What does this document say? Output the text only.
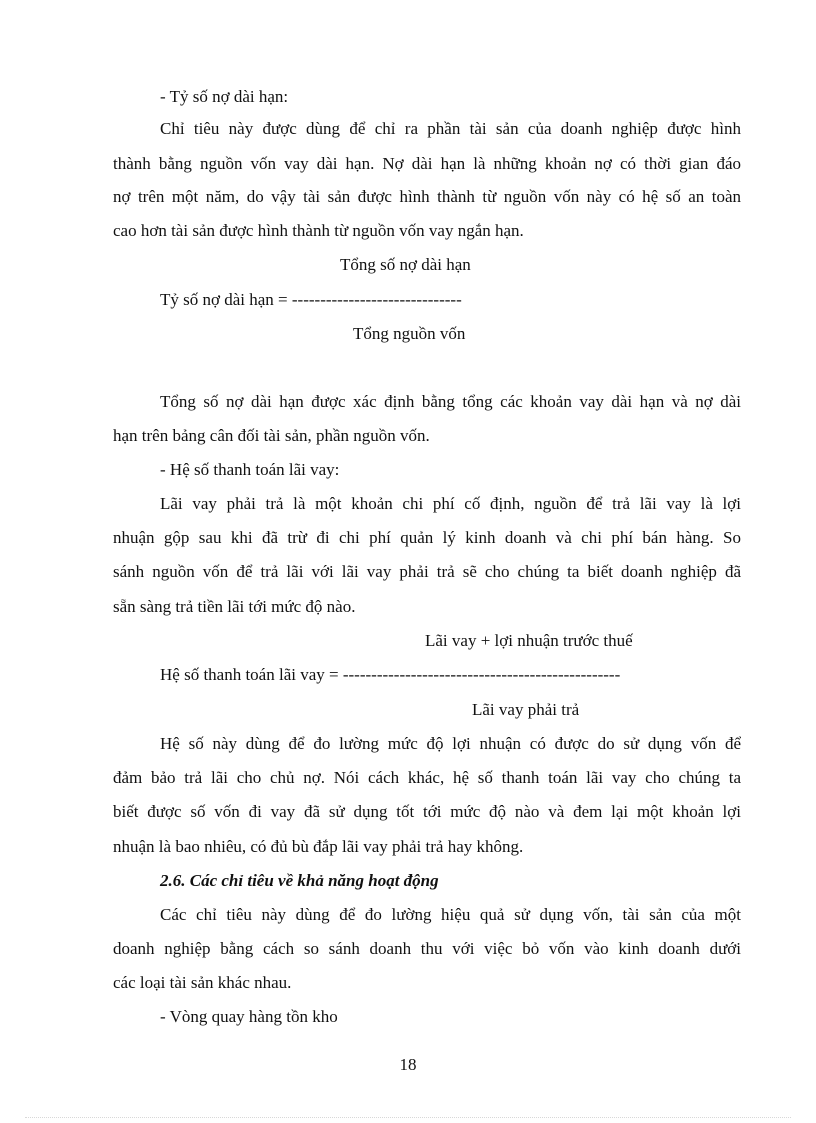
- Tỷ số nợ dài hạn:
Chỉ tiêu này được dùng để chỉ ra phần tài sản của doanh nghiệp được hình
thành bằng nguồn vốn vay dài hạn. Nợ dài hạn là những khoản nợ có thời gian đáo
nợ trên một năm, do vậy tài sản được hình thành từ nguồn vốn này có hệ số an toàn
cao hơn tài sản được hình thành từ nguồn vốn vay ngắn hạn.
Tổng số nợ dài hạn
Tỷ số nợ dài hạn = ------------------------------
Tổng nguồn vốn
Tổng số nợ dài hạn được xác định bằng tổng các khoản vay dài hạn và nợ dài
hạn trên bảng cân đối tài sản, phần nguồn vốn.
- Hệ số thanh toán lãi vay:
Lãi vay phải trả là một khoản chi phí cố định, nguồn để trả lãi vay là lợi
nhuận gộp sau khi đã trừ đi chi phí quản lý kinh doanh và chi phí bán hàng. So
sánh nguồn vốn để trả lãi với lãi vay phải trả sẽ cho chúng ta biết doanh nghiệp đã
sẵn sàng trả tiền lãi tới mức độ nào.
Lãi vay + lợi nhuận trước thuế
Hệ số thanh toán lãi vay = -------------------------------------------------
Lãi vay phải trả
Hệ số này dùng để đo lường mức độ lợi nhuận có được do sử dụng vốn để
đảm bảo trả lãi cho chủ nợ. Nói cách khác, hệ số thanh toán lãi vay cho chúng ta
biết được số vốn đi vay đã sử dụng tốt tới mức độ nào và đem lại một khoản lợi
nhuận là bao nhiêu, có đủ bù đắp lãi vay phải trả hay không.
2.6. Các chỉ tiêu về khả năng hoạt động
Các chỉ tiêu này dùng để đo lường hiệu quả sử dụng vốn, tài sản của một
doanh nghiệp bằng cách so sánh doanh thu với việc bỏ vốn vào kinh doanh dưới
các loại tài sản khác nhau.
- Vòng quay hàng tồn kho
18
